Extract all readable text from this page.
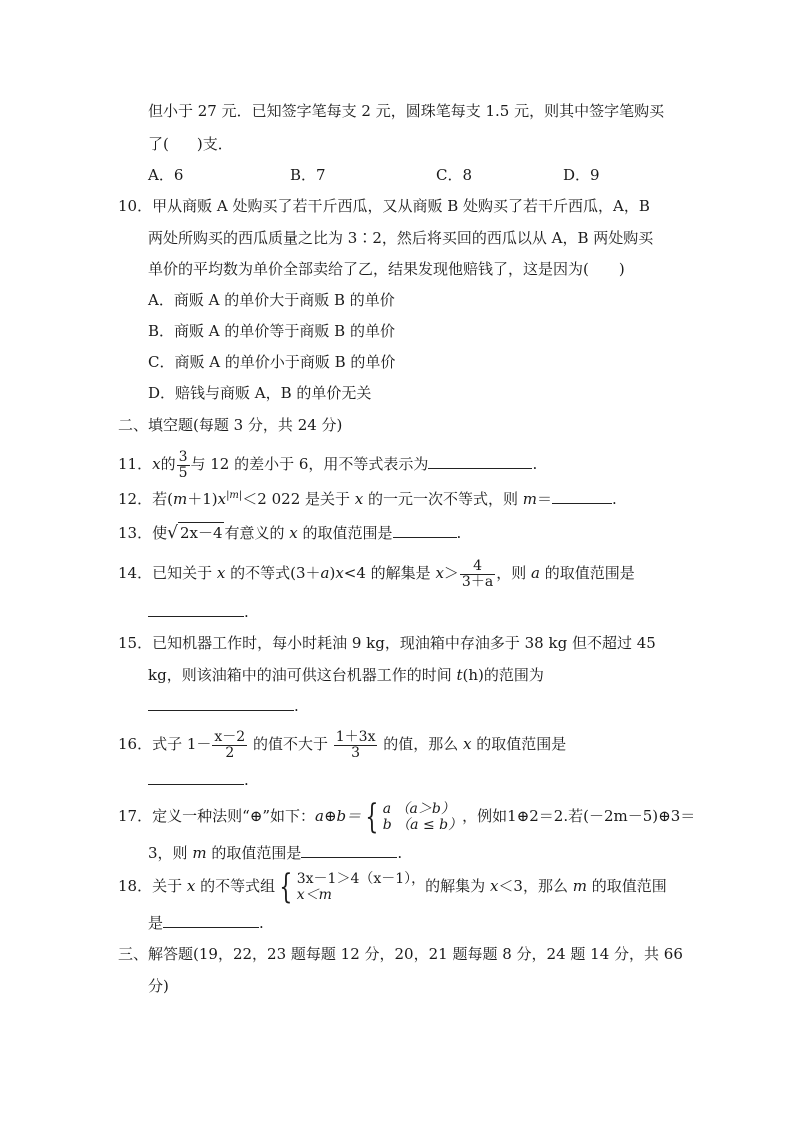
但小于 27 元．已知签字笔每支 2 元，圆珠笔每支 1.5 元，则其中签字笔购买
了( )支．
A．6	B．7	C．8	D．9
10．甲从商贩 A 处购买了若干斤西瓜，又从商贩 B 处购买了若干斤西瓜，A，B
两处所购买的西瓜质量之比为 3∶2，然后将买回的西瓜以从 A，B 两处购买
单价的平均数为单价全部卖给了乙，结果发现他赔钱了，这是因为( )
A．商贩 A 的单价大于商贩 B 的单价
B．商贩 A 的单价等于商贩 B 的单价
C．商贩 A 的单价小于商贩 B 的单价
D．赔钱与商贩 A，B 的单价无关
二、填空题(每题 3 分，共 24 分)
11．x的 $\frac{3}{5}$ 与 12 的差小于 6，用不等式表示为	.
12．若$(m+1)x^{|m|}<2$ 022 是关于 x 的一元一次不等式，则 m＝	.
13．使√ 2x－4 有意义的 x 的取值范围是	.
14．已知关于 x 的不等式(3＋a)x<4 的解集是 $x> \frac{4}{3+a}$ ，则 a 的取值范围是
.
15．已知机器工作时，每小时耗油 9 kg，现油箱中存油多于 38 kg 但不超过 45
kg，则该油箱中的油可供这台机器工作的时间 t(h)的范围为
.
16．式子 $1- \frac{x-2}{2}$ 的值不大于 $\frac{1+3x}{3}$ 的值，那么 x 的取值范围是
.
17．定义一种法则“⊕”如下：a⊕b＝ { a （a＞b）
b （a ≤ b） ，例如1⊕2＝2.若(－2m－5)⊕3＝
3，则 m 的取值范围是	.
18．关于 x 的不等式组 { 3x－1＞4（x－1），
x＜m	的解集为 x＜3，那么 m 的取值范围
是	.
三、解答题(19，22，23 题每题 12 分，20，21 题每题 8 分，24 题 14 分，共 66
分)
